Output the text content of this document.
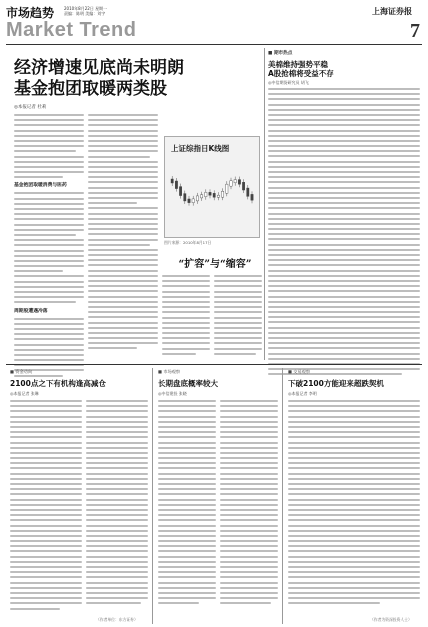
市场趋势 2010年8月22日 星期一
责编：陈明 美编：刘宇
Market Trend
上海证券报
7
经济增速见底尚未明朗
基金抱团取暖两类股
◎本报记者 杜莉
基金抱团取暖消费与医药
周期股遭遇冷落
上证综指日K线图
图片来源：2010年8月17日
“扩容”与“缩容”
■ 期市热点
美棉维持强势平稳
A股抢棉将受益不存
◎中信期货研究员 胡飞
■ 资金动向
2100点之下有机构逢高减仓
◎本报记者 张琳
（作者单位：东方证券）
■ 市场观察
长期盘底概率较大
◎中信建投 张晓
■ 交易观察
下破2100方能迎来超跌契机
◎本报记者 李明
（作者为资深投资人士）
